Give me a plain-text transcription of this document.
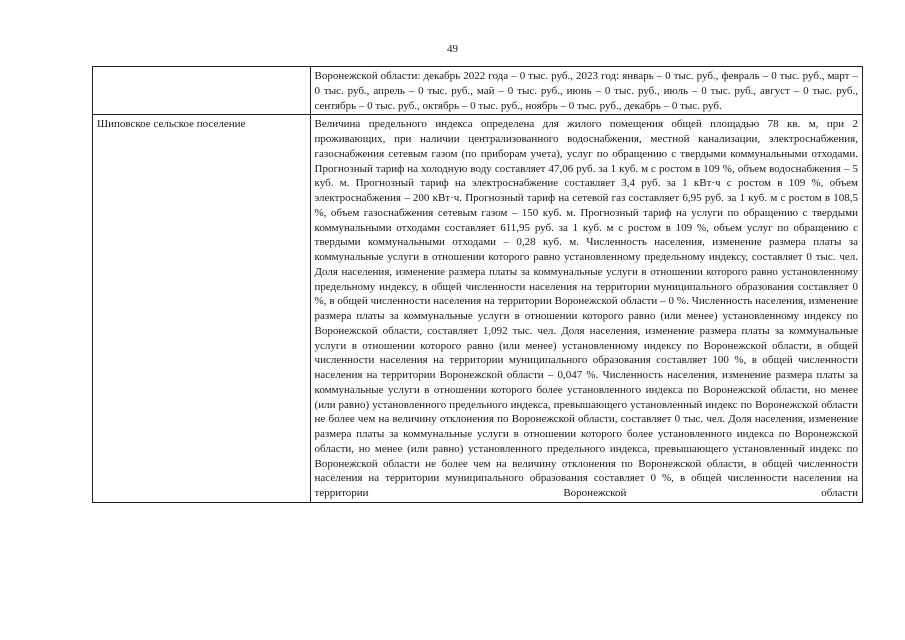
49
	Воронежской области: декабрь 2022 года – 0 тыс. руб., 2023 год: январь – 0 тыс. руб., февраль – 0 тыс. руб., март – 0 тыс. руб., апрель – 0 тыс. руб., май – 0 тыс. руб., июнь – 0 тыс. руб., июль – 0 тыс. руб., август – 0 тыс. руб., сентябрь – 0 тыс. руб., октябрь – 0 тыс. руб., ноябрь – 0 тыс. руб., декабрь – 0 тыс. руб.
Шиповское сельское поселение	Величина предельного индекса определена для жилого помещения общей площадью 78 кв. м, при 2 проживающих, при наличии централизованного водоснабжения, местной канализации, электроснабжения, газоснабжения сетевым газом (по приборам учета), услуг по обращению с твердыми коммунальными отходами. Прогнозный тариф на холодную воду составляет 47,06 руб. за 1 куб. м с ростом в 109 %, объем водоснабжения – 5 куб. м. Прогнозный тариф на электроснабжение составляет 3,4 руб. за 1 кВт·ч с ростом в 109 %, объем электроснабжения – 200 кВт·ч. Прогнозный тариф на сетевой газ составляет 6,95 руб. за 1 куб. м с ростом в 108,5 %, объем газоснабжения сетевым газом – 150 куб. м. Прогнозный тариф на услуги по обращению с твердыми коммунальными отходами составляет 611,95 руб. за 1 куб. м с ростом в 109 %, объем услуг по обращению с твердыми коммунальными отходами – 0,28 куб. м. Численность населения, изменение размера платы за коммунальные услуги в отношении которого равно установленному предельному индексу, составляет 0 тыс. чел. Доля населения, изменение размера платы за коммунальные услуги в отношении которого равно установленному предельному индексу, в общей численности населения на территории муниципального образования составляет 0 %, в общей численности населения на территории Воронежской области – 0 %. Численность населения, изменение размера платы за коммунальные услуги в отношении которого равно (или менее) установленному индексу по Воронежской области, составляет 1,092 тыс. чел. Доля населения, изменение размера платы за коммунальные услуги в отношении которого равно (или менее) установленному индексу по Воронежской области, в общей численности населения на территории муниципального образования составляет 100 %, в общей численности населения на территории Воронежской области – 0,047 %. Численность населения, изменение размера платы за коммунальные услуги в отношении которого более установленного индекса по Воронежской области, но менее (или равно) установленного предельного индекса, превышающего установленный индекс по Воронежской области не более чем на величину отклонения по Воронежской области, составляет 0 тыс. чел. Доля населения, изменение размера платы за коммунальные услуги в отношении которого более установленного индекса по Воронежской области, но менее (или равно) установленного предельного индекса, превышающего установленный индекс по Воронежской области не более чем на величину отклонения по Воронежской области, в общей численности населения на территории муниципального образования составляет 0 %, в общей численности населения на территории Воронежской области
